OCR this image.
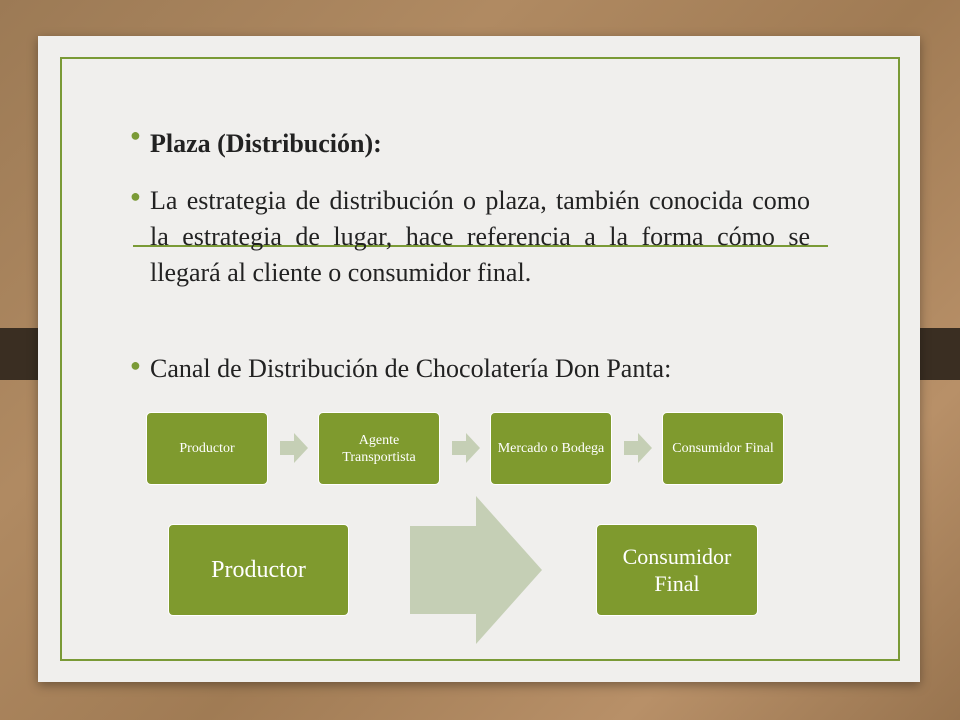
● Plaza (Distribución):
● La estrategia de distribución o plaza, también conocida como la estrategia de lugar, hace referencia a la forma cómo se llegará al cliente o consumidor final.
● Canal de Distribución de Chocolatería Don Panta:
Productor
Agente Transportista
Mercado o Bodega	Consumidor Final
Productor
Consumidor Final
